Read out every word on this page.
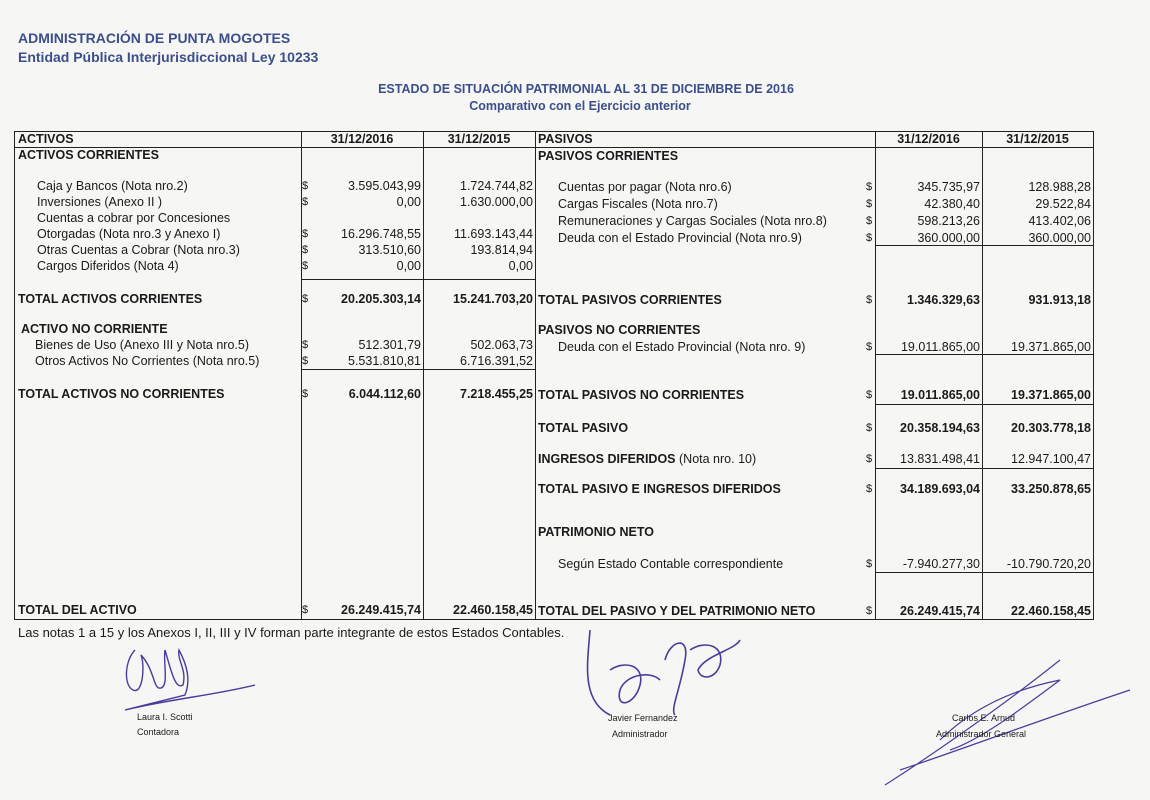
ADMINISTRACIÓN DE PUNTA MOGOTES
Entidad Pública Interjurisdiccional Ley 10233
ESTADO DE SITUACIÓN PATRIMONIAL AL 31 DE DICIEMBRE DE 2016
Comparativo con el Ejercicio anterior
ACTIVOS	31/12/2016	31/12/2015	PASIVOS	31/12/2016	31/12/2015
ACTIVOS CORRIENTES
Caja y Bancos (Nota nro.2)	$	3.595.043,99	1.724.744,82
Inversiones (Anexo II )	$	0,00	1.630.000,00
Cuentas a cobrar por Concesiones
Otorgadas (Nota nro.3 y Anexo I)	$	16.296.748,55	11.693.143,44
Otras Cuentas a Cobrar (Nota nro.3)	$	313.510,60	193.814,94
Cargos Diferidos (Nota 4)	$	0,00	0,00
TOTAL ACTIVOS CORRIENTES	$	20.205.303,14	15.241.703,20
ACTIVO NO CORRIENTE
Bienes de Uso (Anexo III y Nota nro.5)	$	512.301,79	502.063,73
Otros Activos No Corrientes (Nota nro.5)	$	5.531.810,81	6.716.391,52
TOTAL ACTIVOS NO CORRIENTES	$	6.044.112,60	7.218.455,25
TOTAL DEL ACTIVO	$	26.249.415,74	22.460.158,45
PASIVOS CORRIENTES
Cuentas por pagar (Nota nro.6)	$	345.735,97	128.988,28
Cargas Fiscales (Nota nro.7)	$	42.380,40	29.522,84
Remuneraciones y Cargas Sociales (Nota nro.8)	$	598.213,26	413.402,06
Deuda con el Estado Provincial (Nota nro.9)	$	360.000,00	360.000,00
TOTAL PASIVOS CORRIENTES	$	1.346.329,63	931.913,18
PASIVOS NO CORRIENTES
Deuda con el Estado Provincial (Nota nro. 9)	$	19.011.865,00	19.371.865,00
TOTAL PASIVOS NO CORRIENTES	$	19.011.865,00	19.371.865,00
TOTAL PASIVO	$	20.358.194,63	20.303.778,18
INGRESOS DIFERIDOS (Nota nro. 10)	$	13.831.498,41	12.947.100,47
TOTAL PASIVO E INGRESOS DIFERIDOS	$	34.189.693,04	33.250.878,65
PATRIMONIO NETO
Según Estado Contable correspondiente	$	-7.940.277,30	-10.790.720,20
TOTAL DEL PASIVO Y DEL PATRIMONIO NETO	$	26.249.415,74	22.460.158,45
Las notas 1 a 15 y los Anexos I, II, III y IV forman parte integrante de estos Estados Contables.
Laura I. Scotti
Contadora
Javier Fernandez
Administrador
Carlos E. Arnud
Administrador General
